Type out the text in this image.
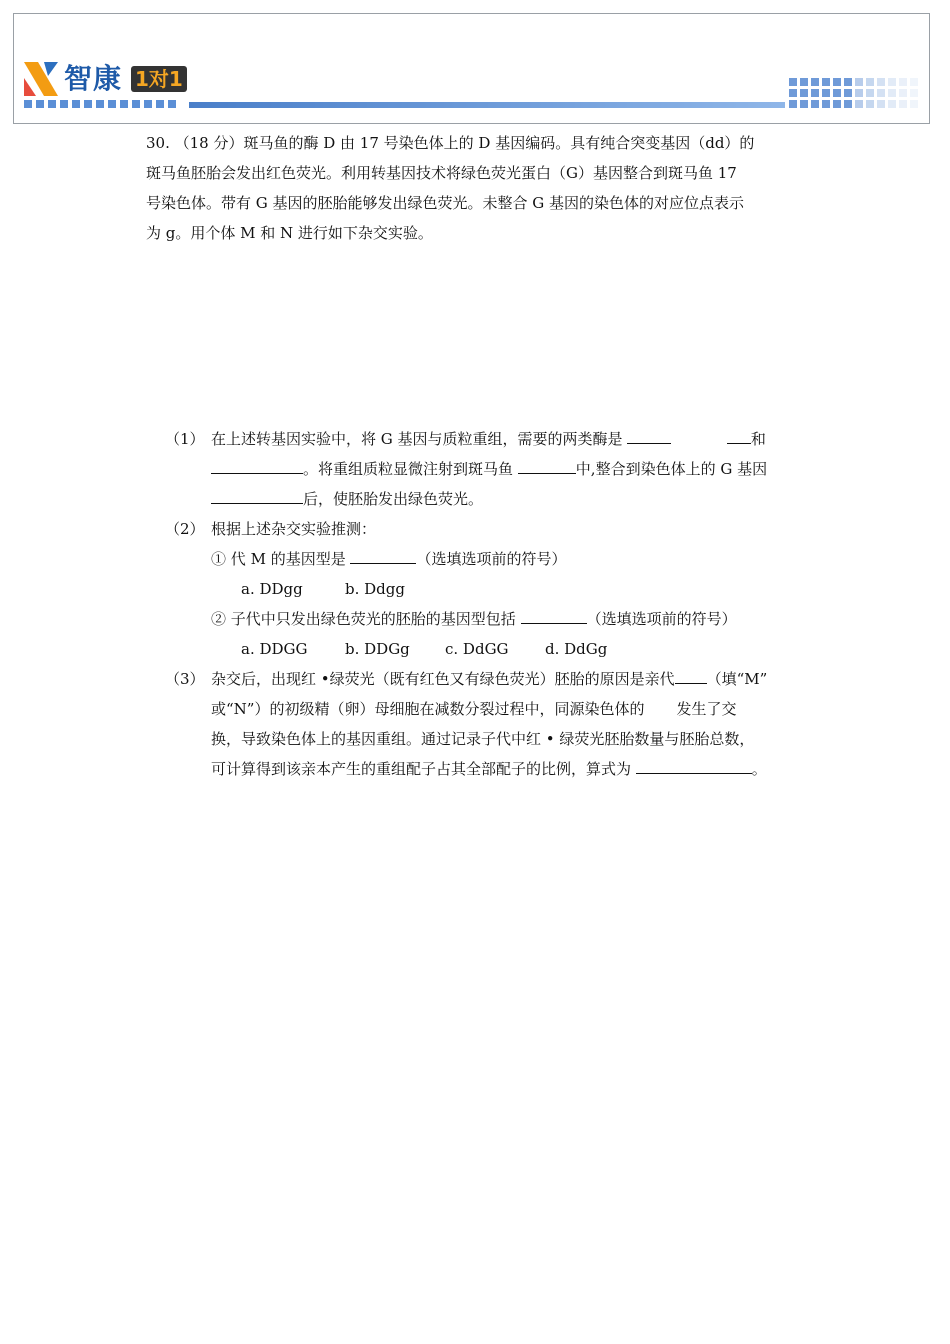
智康 1对1

30. （18 分）斑马鱼的酶 D 由 17 号染色体上的 D 基因编码。具有纯合突变基因（dd）的

斑马鱼胚胎会发出红色荧光。利用转基因技术将绿色荧光蛋白（G）基因整合到斑马鱼 17

号染色体。带有 G 基因的胚胎能够发出绿色荧光。未整合 G 基因的染色体的对应位点表示

为 g。用个体 M 和 N 进行如下杂交实验。

（1） 在上述转基因实验中，将 G 基因与质粒重组，需要的两类酶是	和
。将重组质粒显微注射到斑马鱼	中,整合到染色体上的 G 基因
后，使胚胎发出绿色荧光。
（2） 根据上述杂交实验推测：
① 代 M 的基因型是	（选填选项前的符号）
a. DDgg	b. Ddgg
② 子代中只发出绿色荧光的胚胎的基因型包括	（选填选项前的符号）
a. DDGG	b. DDGg c. DdGG d. DdGg
（3） 杂交后，出现红 •绿荧光（既有红色又有绿色荧光）胚胎的原因是亲代 （填“M”
或“N”）的初级精（卵）母细胞在减数分裂过程中，同源染色体的 发生了交
换，导致染色体上的基因重组。通过记录子代中红 • 绿荧光胚胎数量与胚胎总数，
可计算得到该亲本产生的重组配子占其全部配子的比例，算式为	。
